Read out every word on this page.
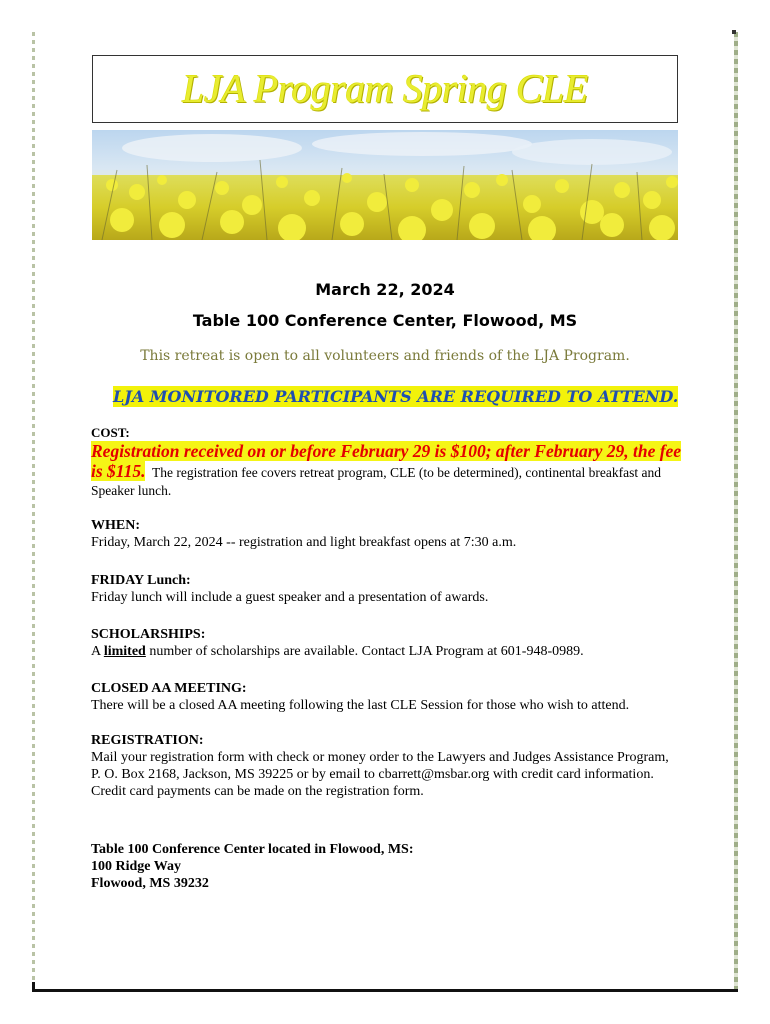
LJA Program Spring CLE
March 22, 2024
Table 100 Conference Center, Flowood, MS
This retreat is open to all volunteers and friends of the LJA Program.
LJA MONITORED PARTICIPANTS ARE REQUIRED TO ATTEND.
COST:
Registration received on or before February 29 is $100; after February 29, the fee is $115. The registration fee covers retreat program, CLE (to be determined), continental breakfast and Speaker lunch.
WHEN:
Friday, March 22, 2024 -- registration and light breakfast opens at 7:30 a.m.
FRIDAY Lunch:
Friday lunch will include a guest speaker and a presentation of awards.
SCHOLARSHIPS:
A limited number of scholarships are available. Contact LJA Program at 601-948-0989.
CLOSED AA MEETING:
There will be a closed AA meeting following the last CLE Session for those who wish to attend.
REGISTRATION:
Mail your registration form with check or money order to the Lawyers and Judges Assistance Program,
P. O. Box 2168, Jackson, MS 39225 or by email to cbarrett@msbar.org with credit card information. Credit card payments can be made on the registration form.
Table 100 Conference Center located in Flowood, MS:
100 Ridge Way
Flowood, MS 39232
